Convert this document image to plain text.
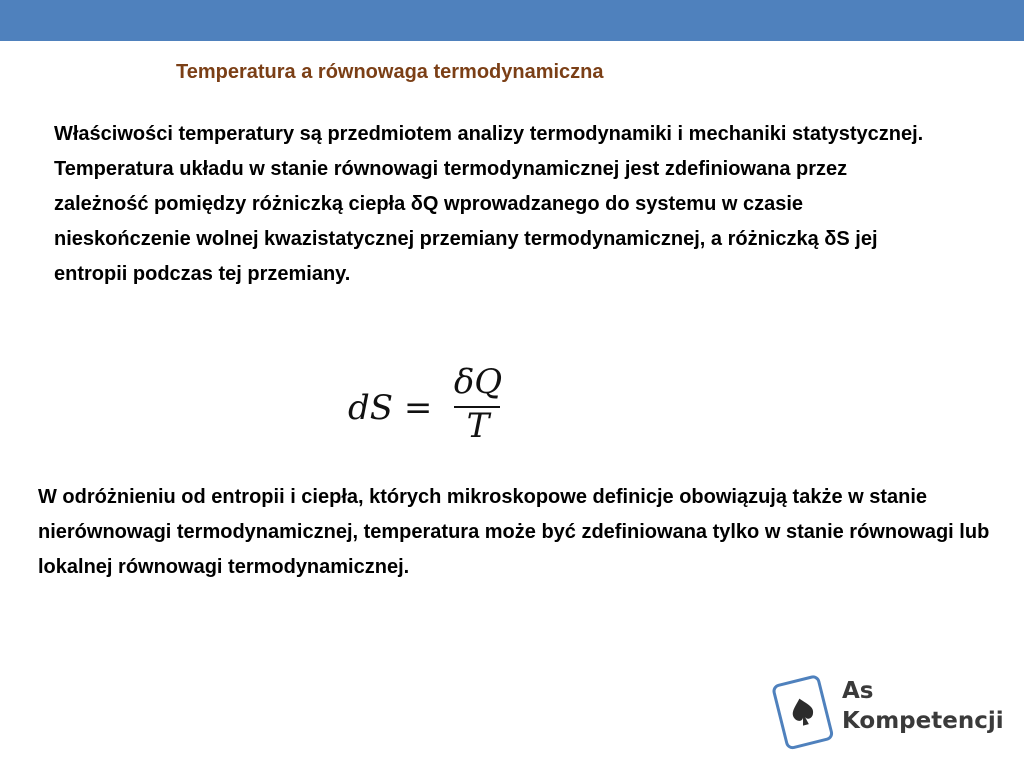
Temperatura a równowaga termodynamiczna
Właściwości temperatury są przedmiotem analizy termodynamiki i mechaniki statystycznej. Temperatura układu w stanie równowagi termodynamicznej jest zdefiniowana przez zależność pomiędzy różniczką ciepła δQ wprowadzanego do systemu w czasie nieskończenie wolnej kwazistatycznej przemiany termodynamicznej, a różniczką δS jej entropii podczas tej przemiany.
dS =
δQ
T
W odróżnieniu od entropii i ciepła, których mikroskopowe definicje obowiązują także w stanie nierównowagi termodynamicznej, temperatura może być zdefiniowana tylko w stanie równowagi lub lokalnej równowagi termodynamicznej.
As
Kompetencji
